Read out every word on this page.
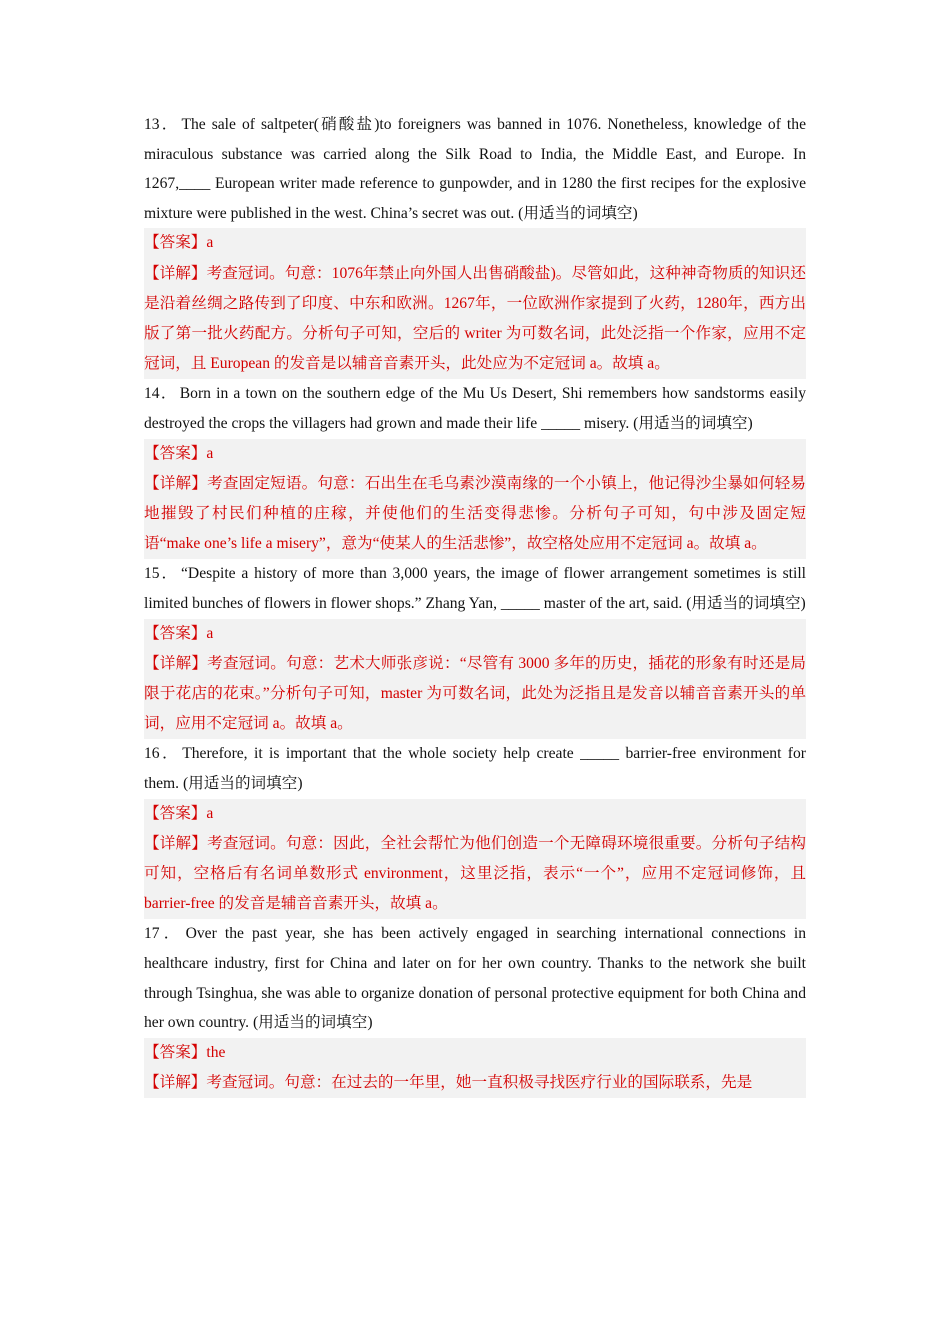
13． The sale of saltpeter(硝酸盐)to foreigners was banned in 1076. Nonetheless, knowledge of the miraculous substance was carried along the Silk Road to India, the Middle East, and Europe. In 1267,____ European writer made reference to gunpowder, and in 1280 the first recipes for the explosive mixture were published in the west. China’s secret was out. (用适当的词填空)
【答案】a
【详解】考查冠词。句意：1076年禁止向外国人出售硝酸盐)。尽管如此，这种神奇物质的知识还是沿着丝绸之路传到了印度、中东和欧洲。1267年，一位欧洲作家提到了火药，1280年，西方出版了第一批火药配方。分析句子可知，空后的 writer 为可数名词，此处泛指一个作家，应用不定冠词，且 European 的发音是以辅音音素开头，此处应为不定冠词 a。故填 a。
14． Born in a town on the southern edge of the Mu Us Desert, Shi remembers how sandstorms easily destroyed the crops the villagers had grown and made their life _____ misery. (用适当的词填空)
【答案】a
【详解】考查固定短语。句意：石出生在毛乌素沙漠南缘的一个小镇上，他记得沙尘暴如何轻易地摧毁了村民们种植的庄稼，并使他们的生活变得悲惨。分析句子可知，句中涉及固定短语“make one’s life a misery”，意为“使某人的生活悲惨”，故空格处应用不定冠词 a。故填 a。
15． “Despite a history of more than 3,000 years, the image of flower arrangement sometimes is still limited bunches of flowers in flower shops.” Zhang Yan, _____ master of the art, said. (用适当的词填空)
【答案】a
【详解】考查冠词。句意：艺术大师张彦说：“尽管有 3000 多年的历史，插花的形象有时还是局限于花店的花束。”分析句子可知，master 为可数名词，此处为泛指且是发音以辅音音素开头的单词，应用不定冠词 a。故填 a。
16． Therefore, it is important that the whole society help create _____ barrier-free environment for them. (用适当的词填空)
【答案】a
【详解】考查冠词。句意：因此，全社会帮忙为他们创造一个无障碍环境很重要。分析句子结构可知，空格后有名词单数形式 environment，这里泛指，表示“一个”，应用不定冠词修饰，且 barrier-free 的发音是辅音音素开头，故填 a。
17． Over the past year, she has been actively engaged in searching international connections in healthcare industry, first for China and later on for her own country. Thanks to the network she built through Tsinghua, she was able to organize donation of personal protective equipment for both China and her own country. (用适当的词填空)
【答案】the
【详解】考查冠词。句意：在过去的一年里，她一直积极寻找医疗行业的国际联系，先是
